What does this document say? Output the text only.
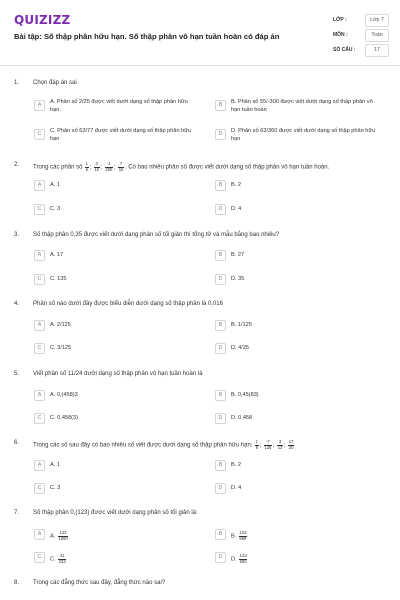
QUIZIZZ
Bài tập: Số thập phân hữu hạn. Số thập phân vô hạn tuần hoàn có đáp án
LỚP :	Lớp 7
MÔN :	Toán
SỐ CÂU :	17
1. Chọn đáp án sai
A	A. Phân số 2/25 được viết dưới dạng số thập phân hữu hạn.
B	B. Phân số 55/-300 được viết dưới dạng số thập phân vô hạn tuần hoàn
C	C. Phân số 63/77 được viết dưới dạng số thập phân hữu hạn
D	D. Phân số 63/360 được viết dưới dạng số thập phân hữu hạn
2. Trong các phân số $\frac{1}{6}$ ; $\frac{3}{10}$ ; $\frac{-1}{250}$ ; $\frac{7}{15}$ . Có bao nhiêu phân số được viết dưới dạng số thập phân vô hạn tuần hoàn.
A	A. 1	B	B. 2
C	C. 3	D	D. 4
3. Số thập phân 0,35 được viết dưới dạng phân số tối giản thì tổng tử và mẫu bằng bao nhiêu?
A	A. 17	B	B. 27
C	C. 135	D	D. 35
4. Phân số nào dưới đây được biểu diễn dưới dạng số thập phân là 0,016
A	A. 2/125	B	B. 1/125
C	C. 3/125	D	D. 4/25
5. Viết phân số 11/24 dưới dạng số thập phân vô hạn tuần hoàn là
A	A. 0,(458)3	B	B. 0,45(83)
C	C. 0,458(3)	D	D. 0,458
6. Trong các số sau đây có bao nhiêu số viết được dưới dạng số thập phân hữu hạn: $\frac{1}{6}$ ; $\frac{-7}{125}$ ; $\frac{3}{12}$ ; $\frac{17}{20}$
A	A. 1	B	B. 2
C	C. 3	D	D. 4
7. Số thập phân 0,(123) được viết dưới dạng phân số tối giản là:
A	A. $\frac{123}{1000}$	B	B. $\frac{123}{999}$
C	C. $\frac{41}{333}$	D	D. $\frac{123}{990}$
8. Trong các đẳng thức sau đây, đẳng thức nào sai?
